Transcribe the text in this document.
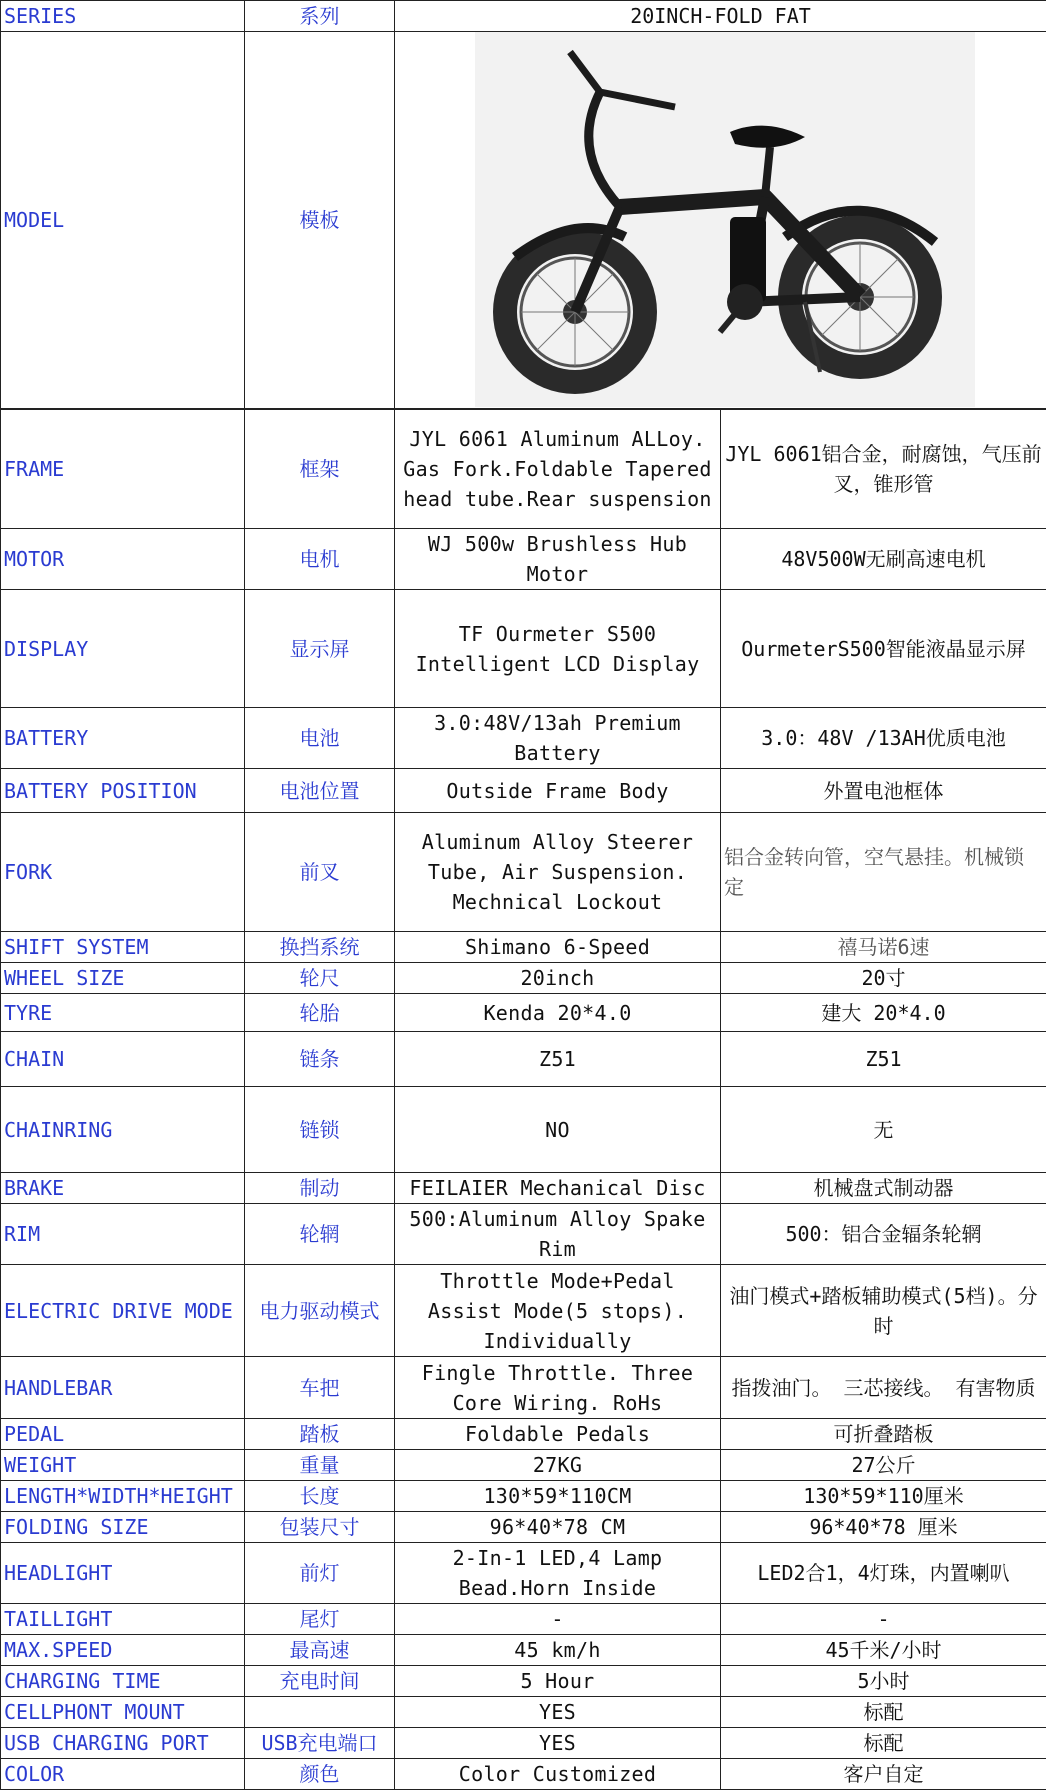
SERIES	系列	20INCH-FOLD FAT
MODEL	模板	
FRAME	框架	JYL 6061 Aluminum ALLoy. Gas Fork.Foldable Tapered head tube.Rear suspension	JYL 6061铝合金，耐腐蚀，气压前叉，锥形管
MOTOR	电机	WJ 500w Brushless Hub Motor	48V500W无刷高速电机
DISPLAY	显示屏	TF Ourmeter S500 Intelligent LCD Display	OurmeterS500智能液晶显示屏
BATTERY	电池	3.0:48V/13ah Premium Battery	3.0：48V /13AH优质电池
BATTERY POSITION	电池位置	Outside Frame Body	外置电池框体
FORK	前叉	Aluminum Alloy Steerer Tube, Air Suspension. Mechnical Lockout	铝合金转向管，空气悬挂。机械锁定
SHIFT SYSTEM	换挡系统	Shimano 6-Speed	禧马诺6速
WHEEL SIZE	轮尺	20inch	20寸
TYRE	轮胎	Kenda 20*4.0	建大 20*4.0
CHAIN	链条	Z51	Z51
CHAINRING	链锁	NO	无
BRAKE	制动	FEILAIER Mechanical Disc	机械盘式制动器
RIM	轮辋	500:Aluminum Alloy Spake Rim	500：铝合金辐条轮辋
ELECTRIC DRIVE MODE	电力驱动模式	Throttle Mode+Pedal Assist Mode(5 stops). Individually	油门模式+踏板辅助模式(5档)。分时
HANDLEBAR	车把	Fingle Throttle. Three Core Wiring. RoHs	指拨油门。 三芯接线。 有害物质
PEDAL	踏板	Foldable Pedals	可折叠踏板
WEIGHT	重量	27KG	27公斤
LENGTH*WIDTH*HEIGHT	长度	130*59*110CM	130*59*110厘米
FOLDING SIZE	包装尺寸	96*40*78 CM	96*40*78 厘米
HEADLIGHT	前灯	2-In-1 LED,4 Lamp Bead.Horn Inside	LED2合1，4灯珠，内置喇叭
TAILLIGHT	尾灯	-	-
MAX.SPEED	最高速	45 km/h	45千米/小时
CHARGING TIME	充电时间	5 Hour	5小时
CELLPHONT MOUNT		YES	标配
USB CHARGING PORT	USB充电端口	YES	标配
COLOR	颜色	Color Customized	客户自定
